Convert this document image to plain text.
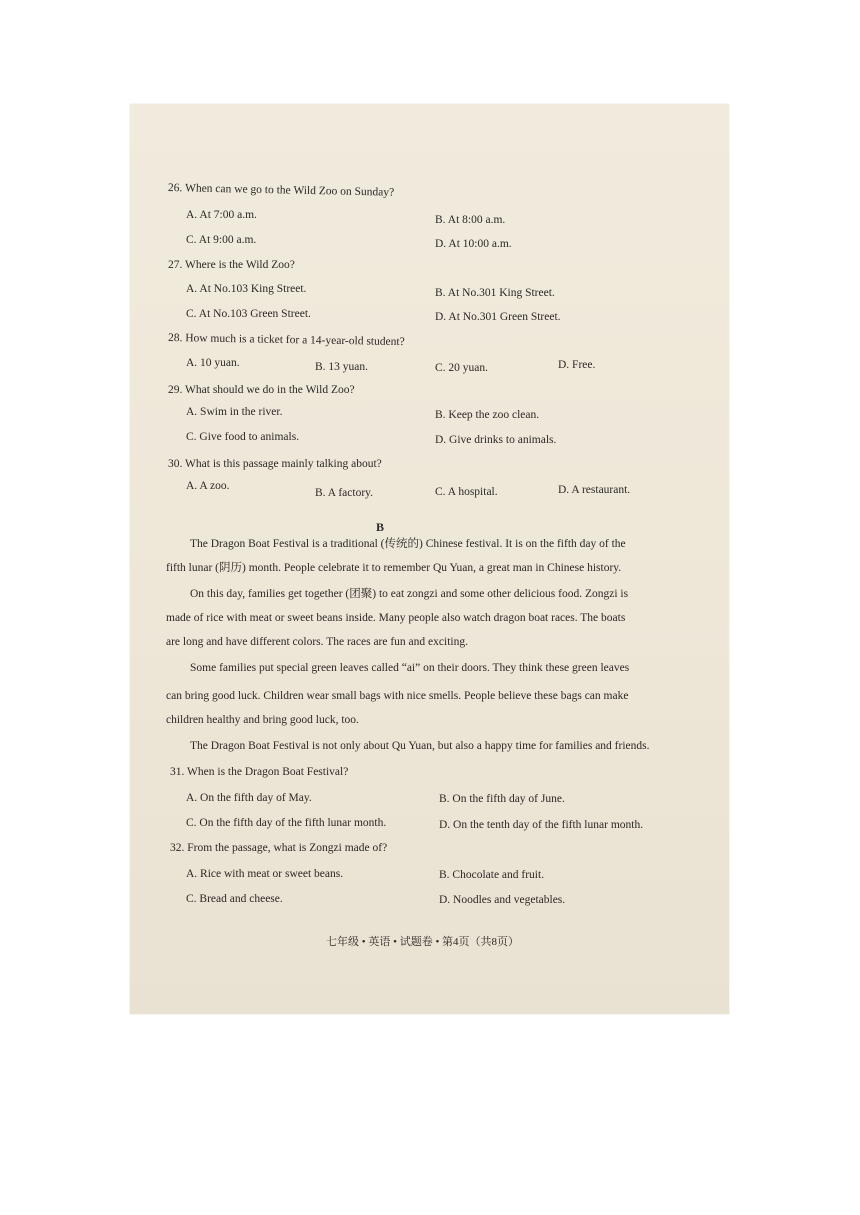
26. When can we go to the Wild Zoo on Sunday?
A. At 7:00 a.m.	B. At 8:00 a.m.
C. At 9:00 a.m.	D. At 10:00 a.m.
27. Where is the Wild Zoo?
A. At No.103 King Street.	B. At No.301 King Street.
C. At No.103 Green Street.	D. At No.301 Green Street.
28. How much is a ticket for a 14-year-old student?
A. 10 yuan.	B. 13 yuan.	C. 20 yuan.	D. Free.
29. What should we do in the Wild Zoo?
A. Swim in the river.	B. Keep the zoo clean.
C. Give food to animals.	D. Give drinks to animals.
30. What is this passage mainly talking about?
A. A zoo.
B. A factory.	C. A hospital.	D. A restaurant.
B
The Dragon Boat Festival is a traditional (传统的) Chinese festival. It is on the fifth day of the
fifth lunar (阴历) month. People celebrate it to remember Qu Yuan, a great man in Chinese history.
On this day, families get together (团聚) to eat zongzi and some other delicious food. Zongzi is
made of rice with meat or sweet beans inside. Many people also watch dragon boat races. The boats
are long and have different colors. The races are fun and exciting.
Some families put special green leaves called “ai” on their doors. They think these green leaves
can bring good luck. Children wear small bags with nice smells. People believe these bags can make
children healthy and bring good luck, too.
The Dragon Boat Festival is not only about Qu Yuan, but also a happy time for families and friends.
31. When is the Dragon Boat Festival?
A. On the fifth day of May.	B. On the fifth day of June.
C. On the fifth day of the fifth lunar month.	D. On the tenth day of the fifth lunar month.
32. From the passage, what is Zongzi made of?
A. Rice with meat or sweet beans.	B. Chocolate and fruit.
C. Bread and cheese.	D. Noodles and vegetables.
七年级 • 英语 • 试题卷 • 第4页（共8页）
